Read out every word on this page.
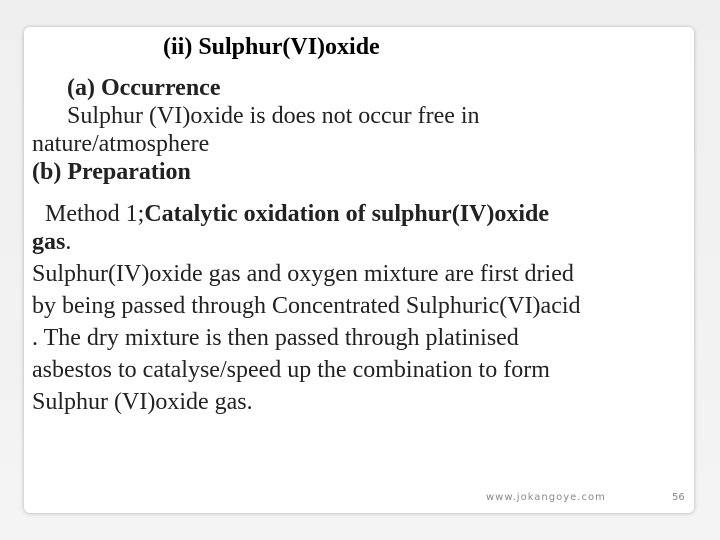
(ii) Sulphur(VI)oxide
(a) Occurrence
Sulphur (VI)oxide is does not occur free in
nature/atmosphere
(b) Preparation
Method 1;Catalytic oxidation of sulphur(IV)oxide
gas.
Sulphur(IV)oxide gas and oxygen mixture are first dried
by being passed through Concentrated Sulphuric(VI)acid
. The dry mixture is then passed through platinised
asbestos to catalyse/speed up the combination to form
Sulphur (VI)oxide gas.
www.jokangoye.com	56
